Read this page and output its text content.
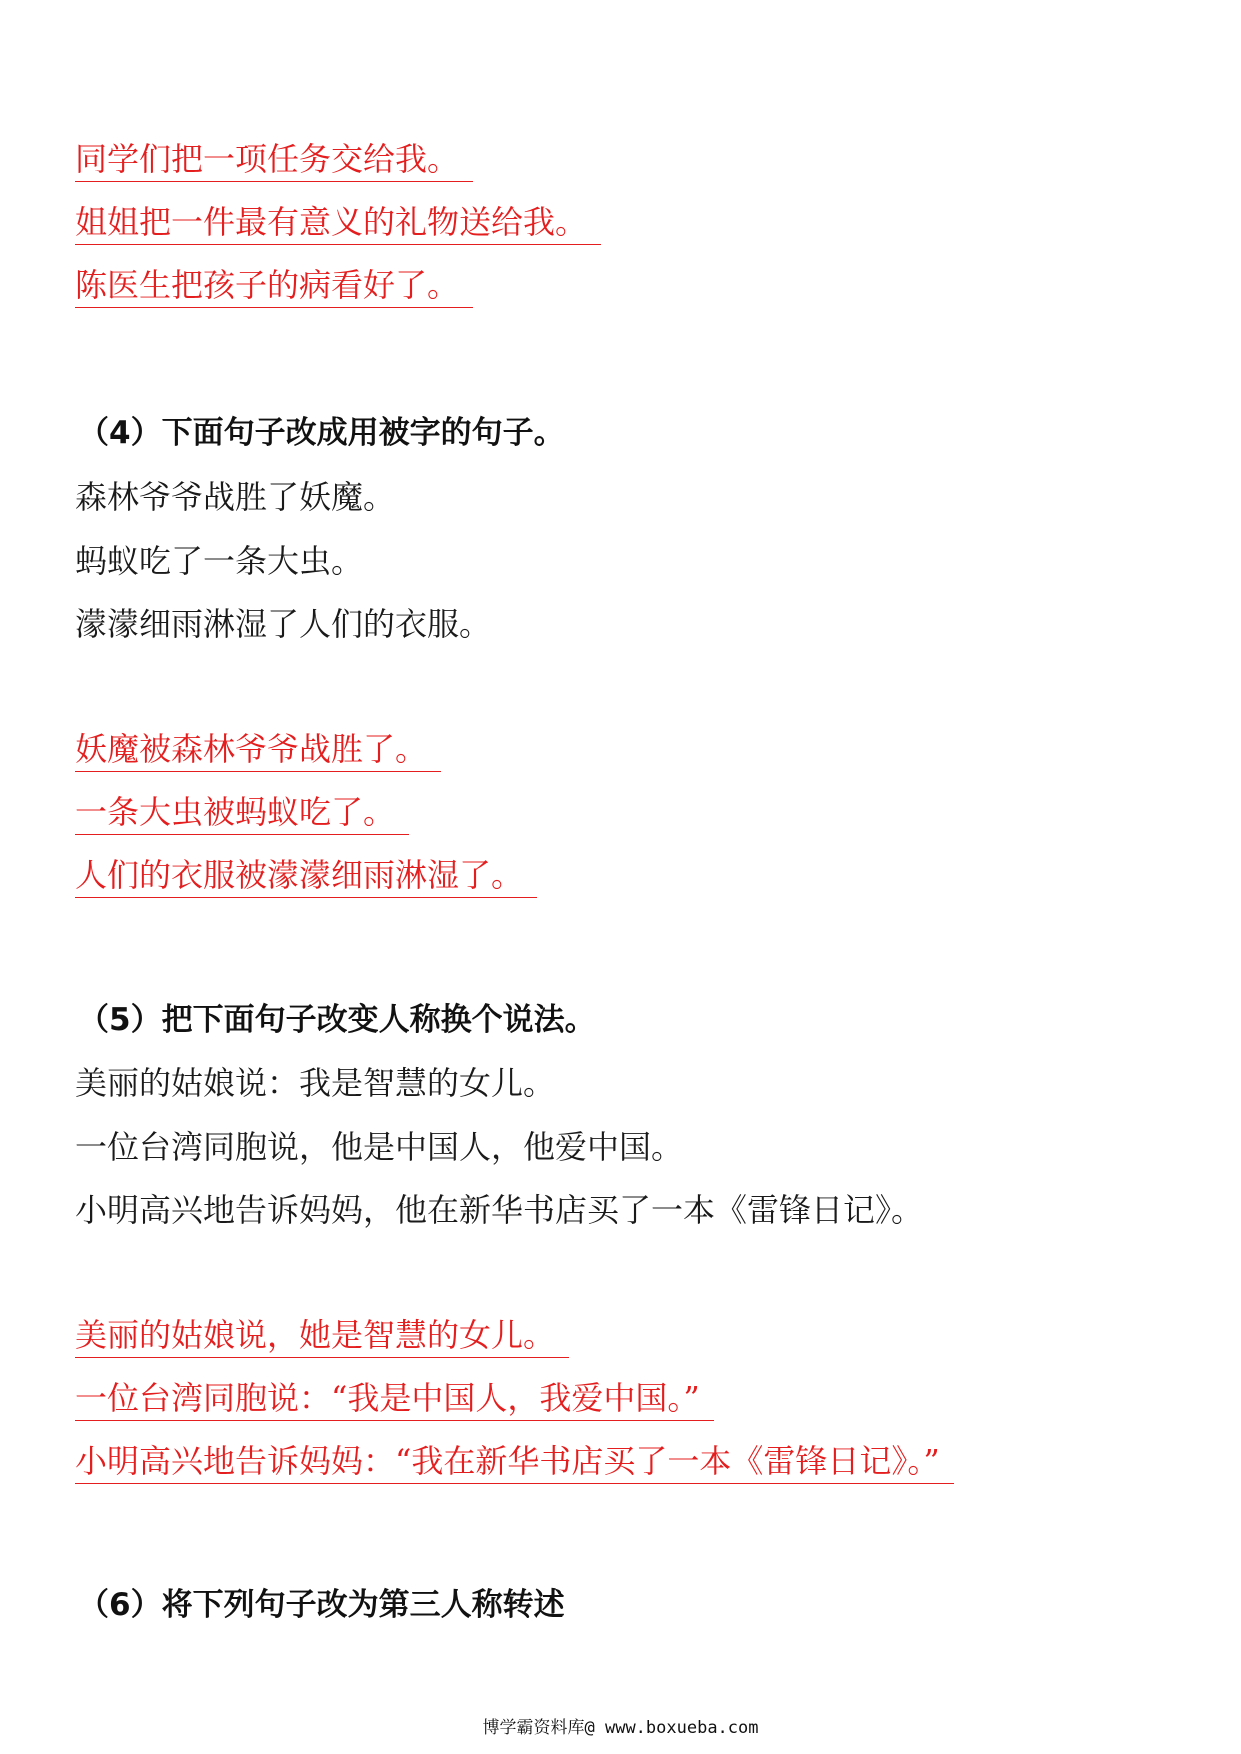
同学们把一项任务交给我。
姐姐把一件最有意义的礼物送给我。
陈医生把孩子的病看好了。
（4）下面句子改成用被字的句子。
森林爷爷战胜了妖魔。
蚂蚁吃了一条大虫。
濛濛细雨淋湿了人们的衣服。
妖魔被森林爷爷战胜了。
一条大虫被蚂蚁吃了。
人们的衣服被濛濛细雨淋湿了。
（5）把下面句子改变人称换个说法。
美丽的姑娘说：我是智慧的女儿。
一位台湾同胞说，他是中国人，他爱中国。
小明高兴地告诉妈妈，他在新华书店买了一本《雷锋日记》。
美丽的姑娘说，她是智慧的女儿。
一位台湾同胞说：“我是中国人，我爱中国。”
小明高兴地告诉妈妈：“我在新华书店买了一本《雷锋日记》。”
（6）将下列句子改为第三人称转述
博学霸资料库@ www.boxueba.com
